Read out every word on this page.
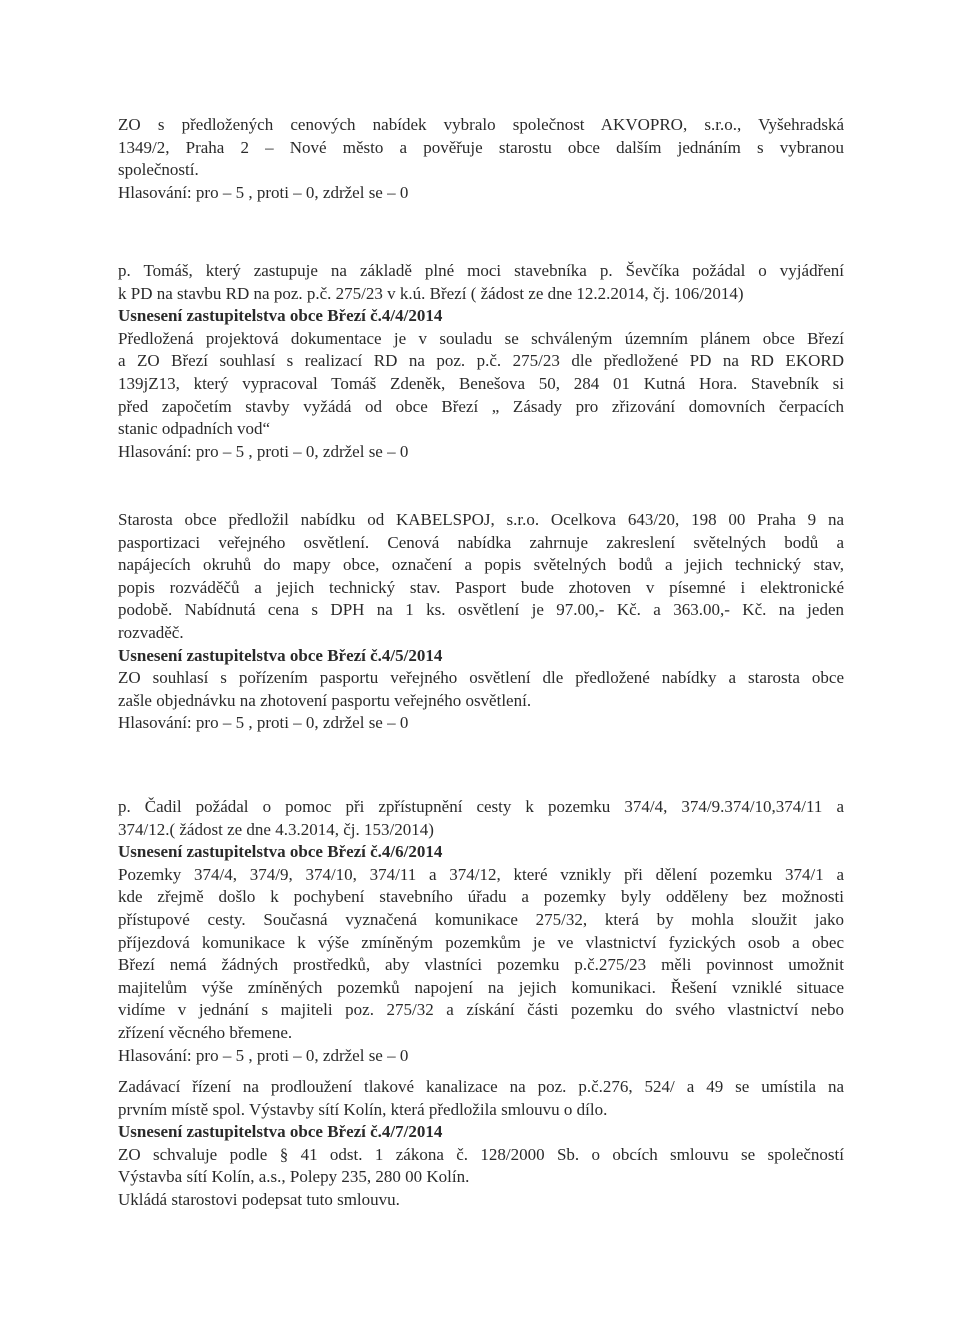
ZO s předložených cenových nabídek vybralo společnost AKVOPRO, s.r.o., Vyšehradská
1349/2, Praha 2 – Nové město a pověřuje starostu obce dalším jednáním s vybranou
společností.
Hlasování: pro – 5 , proti – 0, zdržel se – 0
p. Tomáš, který zastupuje na základě plné moci stavebníka p. Ševčíka požádal o vyjádření
k PD na stavbu RD na poz. p.č. 275/23 v k.ú. Březí ( žádost ze dne 12.2.2014, čj. 106/2014)
Usnesení zastupitelstva obce Březí č.4/4/2014
Předložená projektová dokumentace je v souladu se schváleným územním plánem obce Březí
a ZO Březí souhlasí s realizací RD na poz. p.č. 275/23 dle předložené PD na RD EKORD
139jZ13, který vypracoval Tomáš Zdeněk, Benešova 50, 284 01 Kutná Hora. Stavebník si
před započetím stavby vyžádá od obce Březí „ Zásady pro zřizování domovních čerpacích
stanic odpadních vod“
Hlasování: pro – 5 , proti – 0, zdržel se – 0
Starosta obce předložil nabídku od KABELSPOJ, s.r.o. Ocelkova 643/20, 198 00 Praha 9 na
pasportizaci veřejného osvětlení. Cenová nabídka zahrnuje zakreslení světelných bodů a
napájecích okruhů do mapy obce, označení a popis světelných bodů a jejich technický stav,
popis rozváděčů a jejich technický stav. Pasport bude zhotoven v písemné i elektronické
podobě. Nabídnutá cena s DPH na 1 ks. osvětlení je 97.00,- Kč. a 363.00,- Kč. na jeden
rozvaděč.
Usnesení zastupitelstva obce Březí č.4/5/2014
ZO souhlasí s pořízením pasportu veřejného osvětlení dle předložené nabídky a starosta obce
zašle objednávku na zhotovení pasportu veřejného osvětlení.
Hlasování: pro – 5 , proti – 0, zdržel se – 0
p. Čadil požádal o pomoc při zpřístupnění cesty k pozemku 374/4, 374/9.374/10,374/11 a
374/12.( žádost ze dne 4.3.2014, čj. 153/2014)
Usnesení zastupitelstva obce Březí č.4/6/2014
Pozemky 374/4, 374/9, 374/10, 374/11 a 374/12, které vznikly při dělení pozemku 374/1 a
kde zřejmě došlo k pochybení stavebního úřadu a pozemky byly odděleny bez možnosti
přístupové cesty. Současná vyznačená komunikace 275/32, která by mohla sloužit jako
příjezdová komunikace k výše zmíněným pozemkům je ve vlastnictví fyzických osob a obec
Březí nemá žádných prostředků, aby vlastníci pozemku p.č.275/23 měli povinnost umožnit
majitelům výše zmíněných pozemků napojení na jejich komunikaci. Řešení vzniklé situace
vidíme v jednání s majiteli poz. 275/32 a získání části pozemku do svého vlastnictví nebo
zřízení věcného břemene.
Hlasování: pro – 5 , proti – 0, zdržel se – 0
Zadávací řízení na prodloužení tlakové kanalizace na poz. p.č.276, 524/ a 49 se umístila na
prvním místě spol. Výstavby sítí Kolín, která předložila smlouvu o dílo.
Usnesení zastupitelstva obce Březí č.4/7/2014
ZO schvaluje podle § 41 odst. 1 zákona č. 128/2000 Sb. o obcích smlouvu se společností
Výstavba sítí Kolín, a.s., Polepy 235, 280 00 Kolín.
Ukládá starostovi podepsat tuto smlouvu.
